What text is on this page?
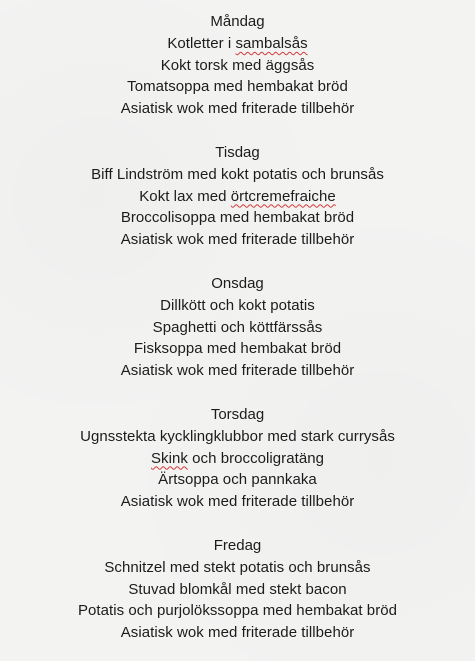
Måndag
Kotletter i sambalsås
Kokt torsk med äggsås
Tomatsoppa med hembakat bröd
Asiatisk wok med friterade tillbehör
Tisdag
Biff Lindström med kokt potatis och brunsås
Kokt lax med örtcremefraiche
Broccolisoppa med hembakat bröd
Asiatisk wok med friterade tillbehör
Onsdag
Dillkött och kokt potatis
Spaghetti och köttfärssås
Fisksoppa med hembakat bröd
Asiatisk wok med friterade tillbehör
Torsdag
Ugnsstekta kycklingklubbor med stark currysås
Skink och broccoligratäng
Ärtsoppa och pannkaka
Asiatisk wok med friterade tillbehör
Fredag
Schnitzel med stekt potatis och brunsås
Stuvad blomkål med stekt bacon
Potatis och purjolökssoppa med hembakat bröd
Asiatisk wok med friterade tillbehör
